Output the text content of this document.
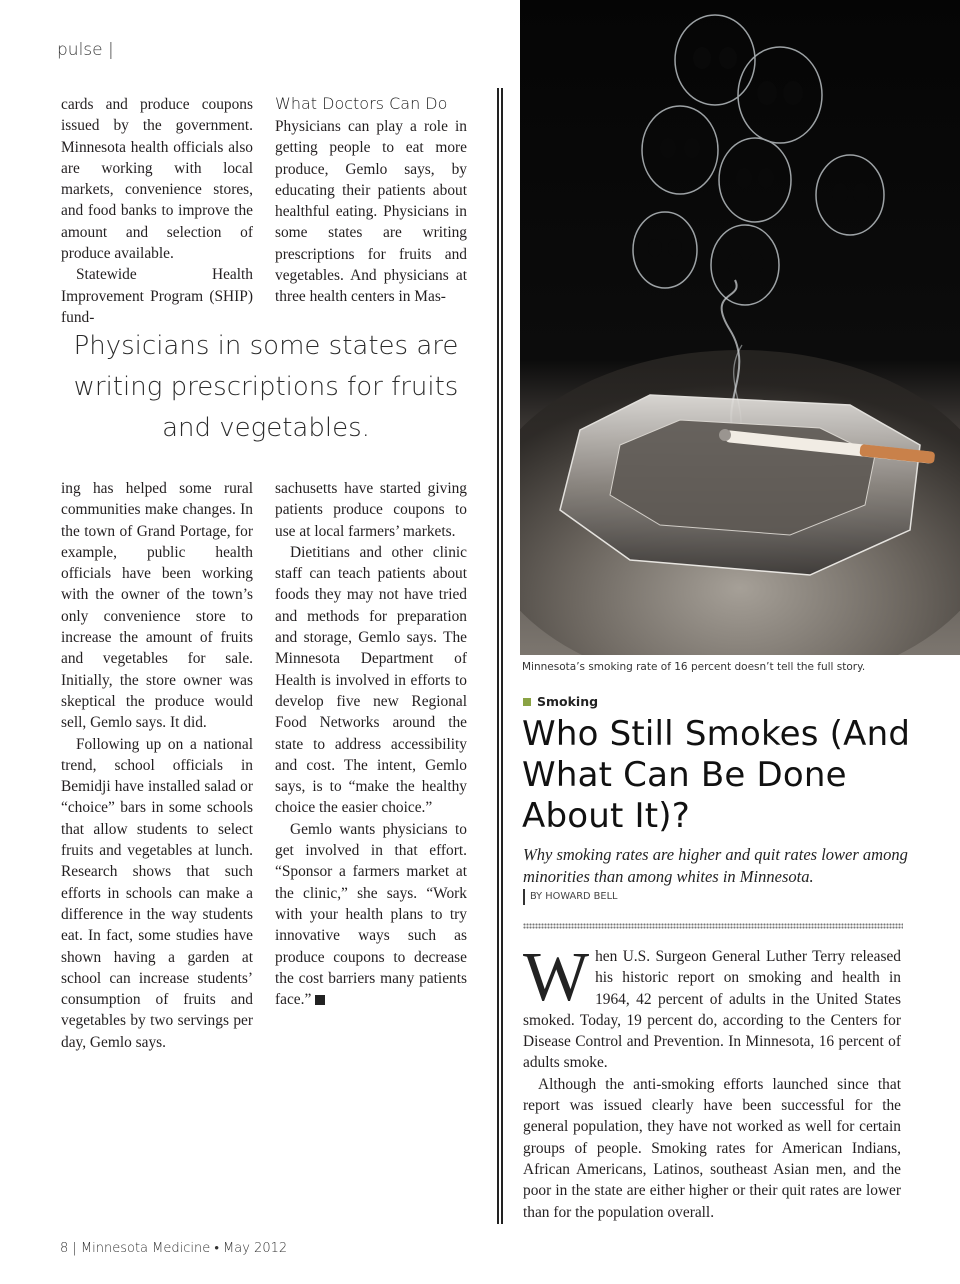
pulse |

cards and produce coupons issued by the government. Minnesota health officials also are working with local markets, convenience stores, and food banks to improve the amount and selection of produce available.

Statewide Health Improvement Program (SHIP) fund-

What Doctors Can Do

Physicians can play a role in getting people to eat more produce, Gemlo says, by educating their patients about healthful eating. Physicians in some states are writing prescriptions for fruits and vegetables. And physicians at three health centers in Mas-

Physicians in some states are writing prescriptions for fruits and vegetables.

ing has helped some rural communities make changes. In the town of Grand Portage, for example, public health officials have been working with the owner of the town’s only convenience store to increase the amount of fruits and vegetables for sale. Initially, the store owner was skeptical the produce would sell, Gemlo says. It did.

Following up on a national trend, school officials in Bemidji have installed salad or “choice” bars in some schools that allow students to select fruits and vegetables at lunch. Research shows that such efforts in schools can make a difference in the way students eat. In fact, some studies have shown having a garden at school can increase students’ consumption of fruits and vegetables by two servings per day, Gemlo says.

sachusetts have started giving patients produce coupons to use at local farmers’ markets.

Dietitians and other clinic staff can teach patients about foods they may not have tried and methods for preparation and storage, Gemlo says. The Minnesota Department of Health is involved in efforts to develop five new Regional Food Networks around the state to address accessibility and cost. The intent, Gemlo says, is to “make the healthy choice the easier choice.”

Gemlo wants physicians to get involved in that effort. “Sponsor a farmers market at the clinic,” she says. “Work with your health plans to try innovative ways such as produce coupons to decrease the cost barriers many patients face.”

Minnesota’s smoking rate of 16 percent doesn’t tell the full story.
Smoking
Who Still Smokes (And What Can Be Done About It)?
Why smoking rates are higher and quit rates lower among minorities than among whites in Minnesota.
BY HOWARD BELL

When U.S. Surgeon General Luther Terry released his historic report on smoking and health in 1964, 42 percent of adults in the United States smoked. Today, 19 percent do, according to the Centers for Disease Control and Prevention. In Minnesota, 16 percent of adults smoke.

Although the anti-smoking efforts launched since that report was issued clearly have been successful for the general population, they have not worked as well for certain groups of people. Smoking rates for American Indians, African Americans, Latinos, southeast Asian men, and the poor in the state are either higher or their quit rates are lower than for the population overall.

8 | Minnesota Medicine • May 2012
